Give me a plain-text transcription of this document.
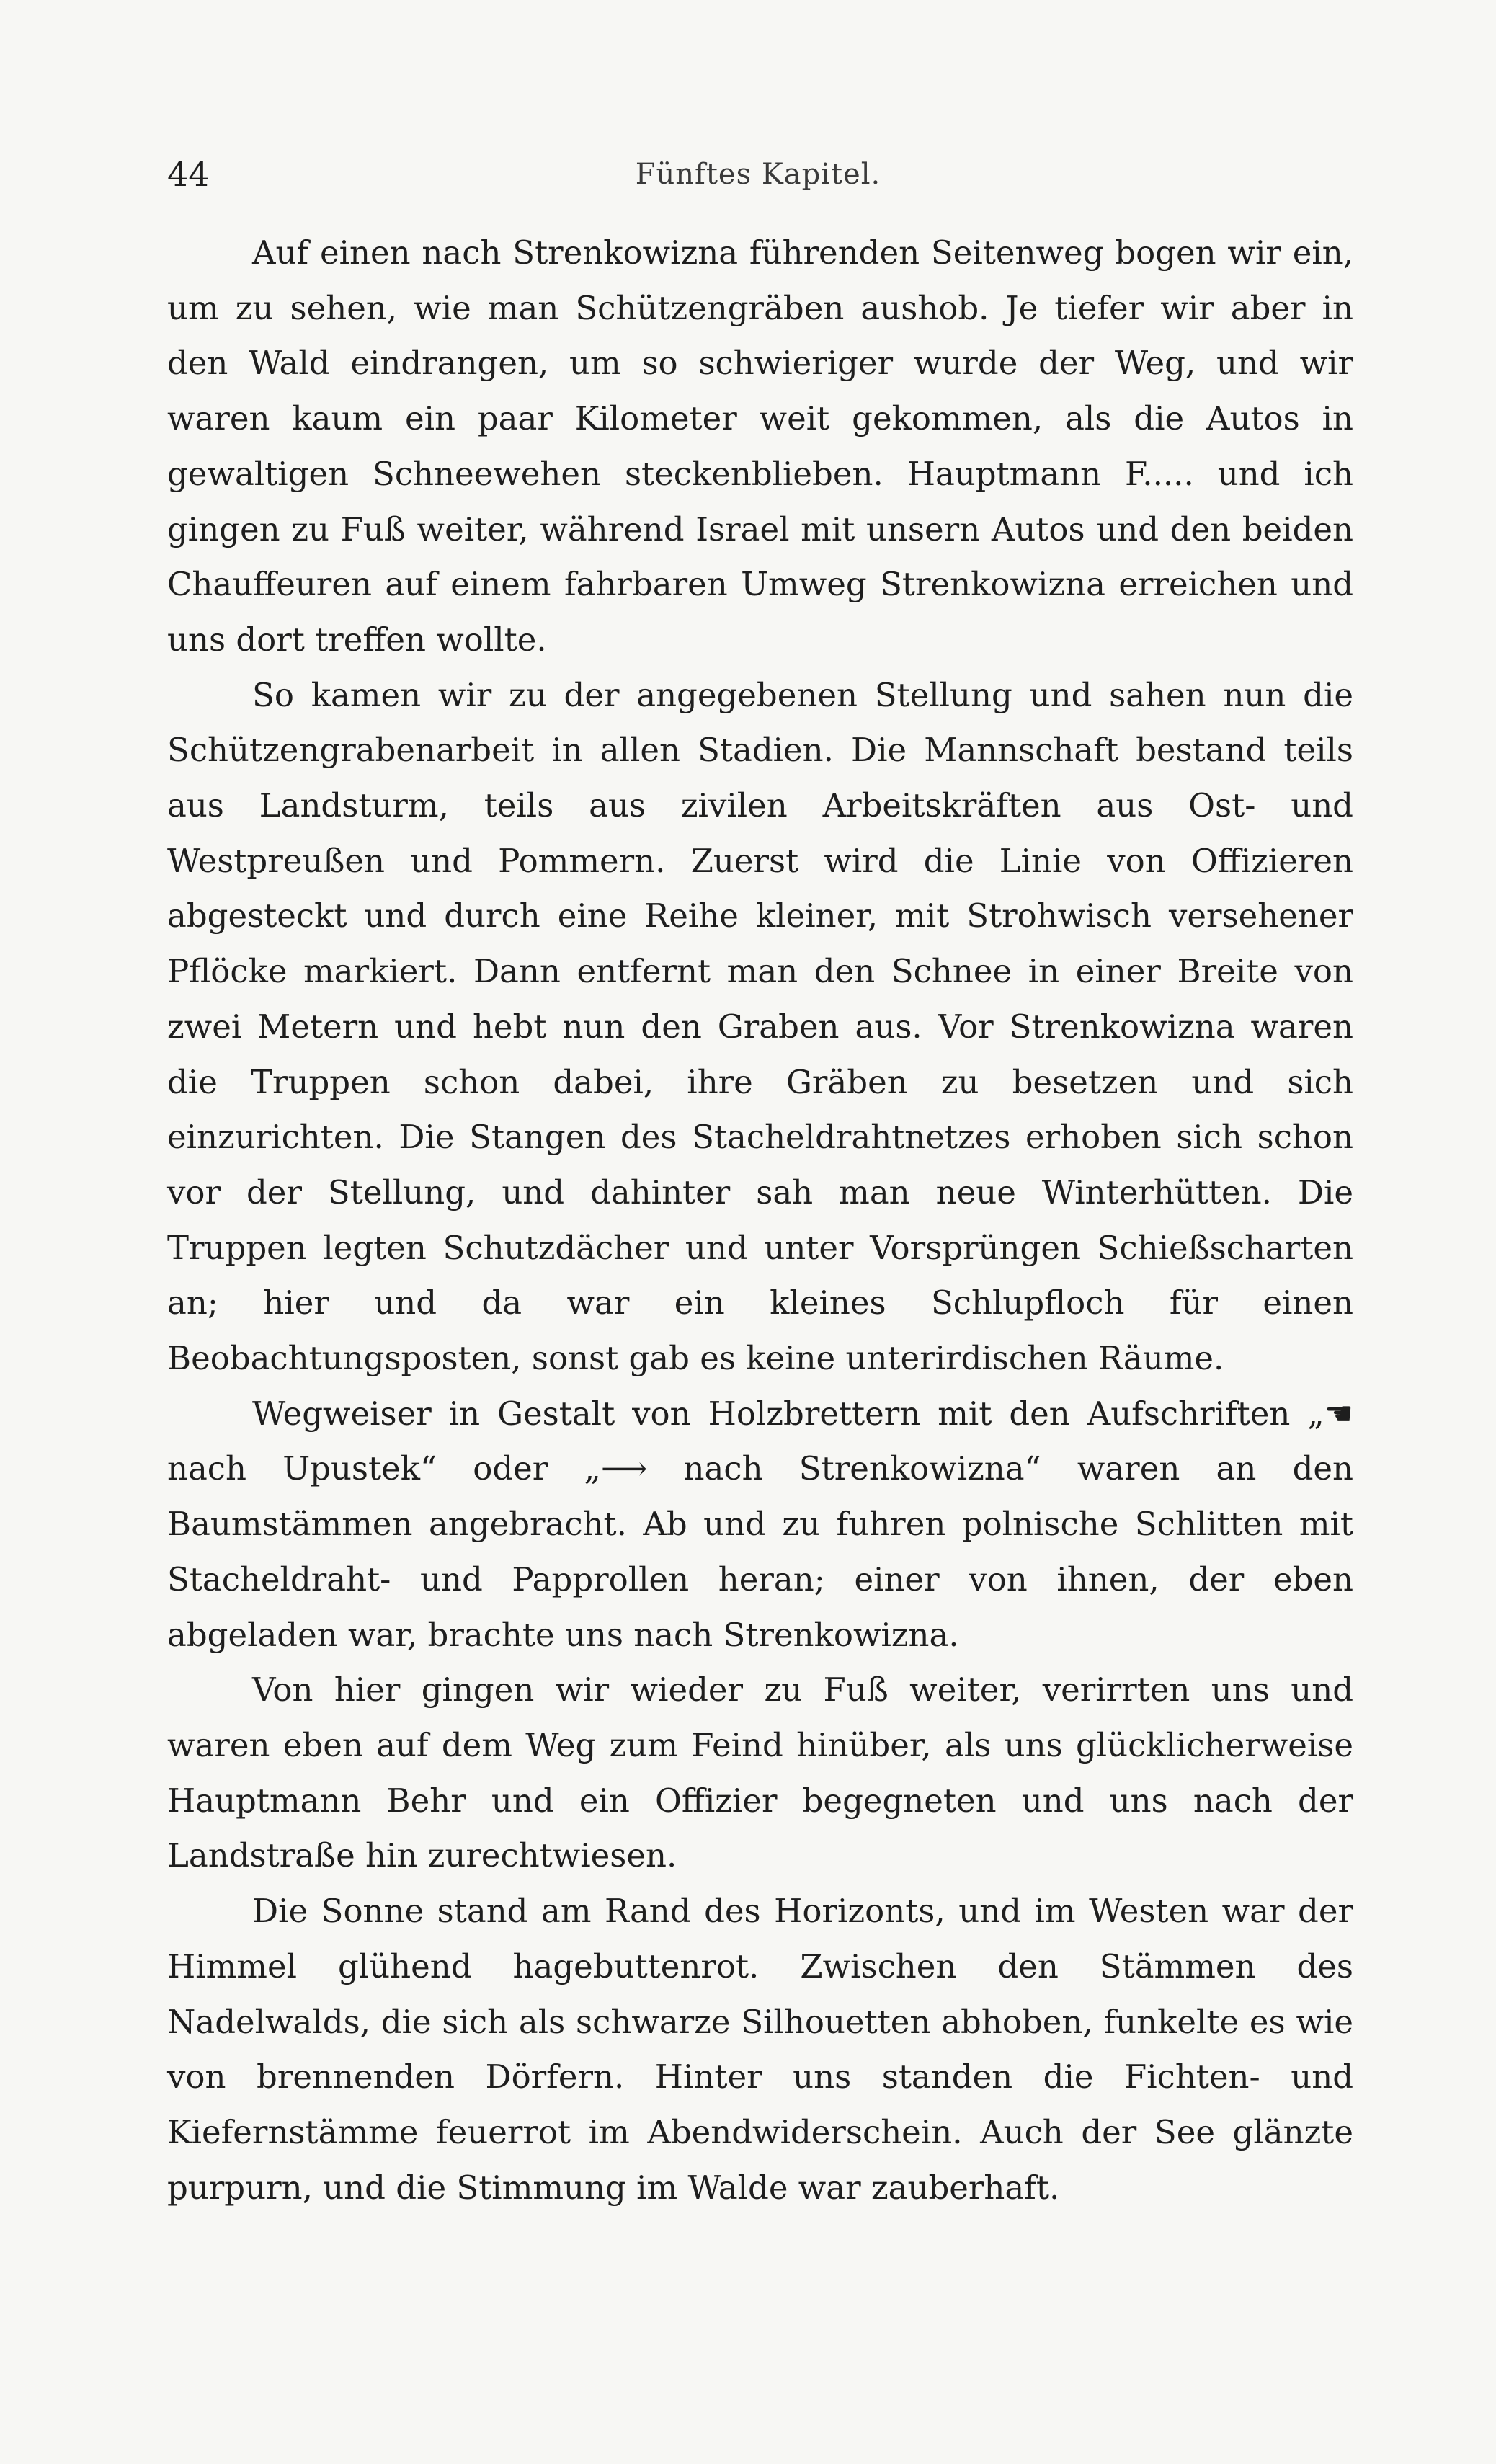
44	Fünftes Kapitel.

Auf einen nach Strenkowizna führenden Seitenweg bogen wir ein, um zu sehen, wie man Schützengräben aushob. Je tiefer wir aber in den Wald eindrangen, um so schwieriger wurde der Weg, und wir waren kaum ein paar Kilometer weit gekommen, als die Autos in gewaltigen Schneewehen steckenblieben. Hauptmann F..... und ich gingen zu Fuß weiter, während Israel mit unsern Autos und den beiden Chauffeuren auf einem fahrbaren Umweg Strenkowizna erreichen und uns dort treffen wollte.

So kamen wir zu der angegebenen Stellung und sahen nun die Schützengrabenarbeit in allen Stadien. Die Mannschaft bestand teils aus Landsturm, teils aus zivilen Arbeitskräften aus Ost- und Westpreußen und Pommern. Zuerst wird die Linie von Offizieren abgesteckt und durch eine Reihe kleiner, mit Strohwisch versehener Pflöcke markiert. Dann entfernt man den Schnee in einer Breite von zwei Metern und hebt nun den Graben aus. Vor Strenkowizna waren die Truppen schon dabei, ihre Gräben zu besetzen und sich einzurichten. Die Stangen des Stacheldrahtnetzes erhoben sich schon vor der Stellung, und dahinter sah man neue Winterhütten. Die Truppen legten Schutzdächer und unter Vorsprüngen Schießscharten an; hier und da war ein kleines Schlupfloch für einen Beobachtungsposten, sonst gab es keine unterirdischen Räume.

Wegweiser in Gestalt von Holzbrettern mit den Aufschriften „☚ nach Upustek“ oder „⟶ nach Strenkowizna“ waren an den Baumstämmen angebracht. Ab und zu fuhren polnische Schlitten mit Stacheldraht- und Papprollen heran; einer von ihnen, der eben abgeladen war, brachte uns nach Strenkowizna.

Von hier gingen wir wieder zu Fuß weiter, verirrten uns und waren eben auf dem Weg zum Feind hinüber, als uns glücklicherweise Hauptmann Behr und ein Offizier begegneten und uns nach der Landstraße hin zurechtwiesen.

Die Sonne stand am Rand des Horizonts, und im Westen war der Himmel glühend hagebuttenrot. Zwischen den Stämmen des Nadelwalds, die sich als schwarze Silhouetten abhoben, funkelte es wie von brennenden Dörfern. Hinter uns standen die Fichten- und Kiefernstämme feuerrot im Abendwiderschein. Auch der See glänzte purpurn, und die Stimmung im Walde war zauberhaft.
